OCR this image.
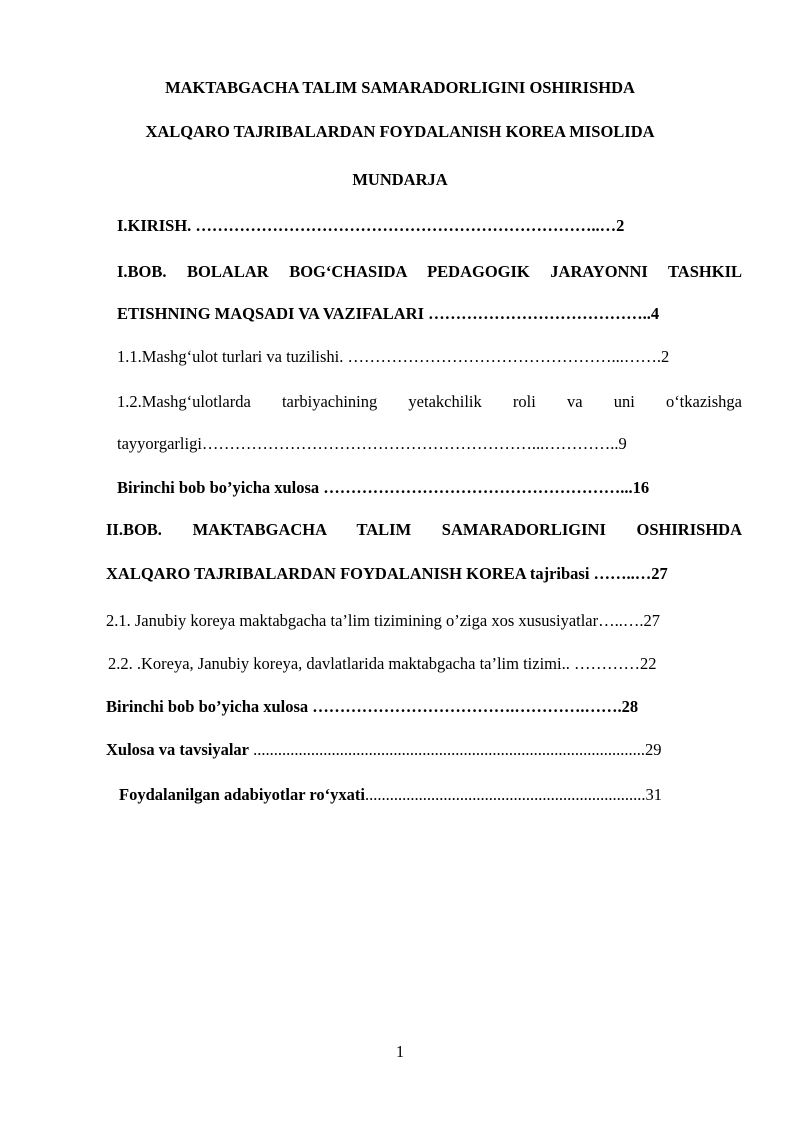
MAKTABGACHA TALIM SAMARADORLIGINI OSHIRISHDA
XALQARO TAJRIBALARDAN FOYDALANISH KOREA MISOLIDA
MUNDARJA
I.KIRISH. ………………………………………………………………..…2
I.BOB. BOLALAR BOG‘CHASIDA PEDAGOGIK JARAYONNI TASHKIL
ETISHNING MAQSADI VA VAZIFALARI …………………………………..4
1.1.Mashg‘ulot turlari va tuzilishi. …………………………………………...…….2
1.2.Mashg‘ulotlarda tarbiyachining yetakchilik roli va uni o‘tkazishga
tayyorgarligi……………………………………………………...…………..9
Birinchi bob bo’yicha xulosa ………………………………………………...16
II.BOB. MAKTABGACHA TALIM SAMARADORLIGINI OSHIRISHDA
XALQARO TAJRIBALARDAN FOYDALANISH KOREA tajribasi ……..…27
2.1. Janubiy koreya maktabgacha ta’lim tizimining o’ziga xos xususiyatlar…..….27
2.2. .Koreya, Janubiy koreya, davlatlarida maktabgacha ta’lim tizimi.. …………22
Birinchi bob bo’yicha xulosa ……………………………….………….…….28
Xulosa va tavsiyalar ...............................................................................................29
Foydalanilgan adabiyotlar ro‘yxati....................................................................31
1
